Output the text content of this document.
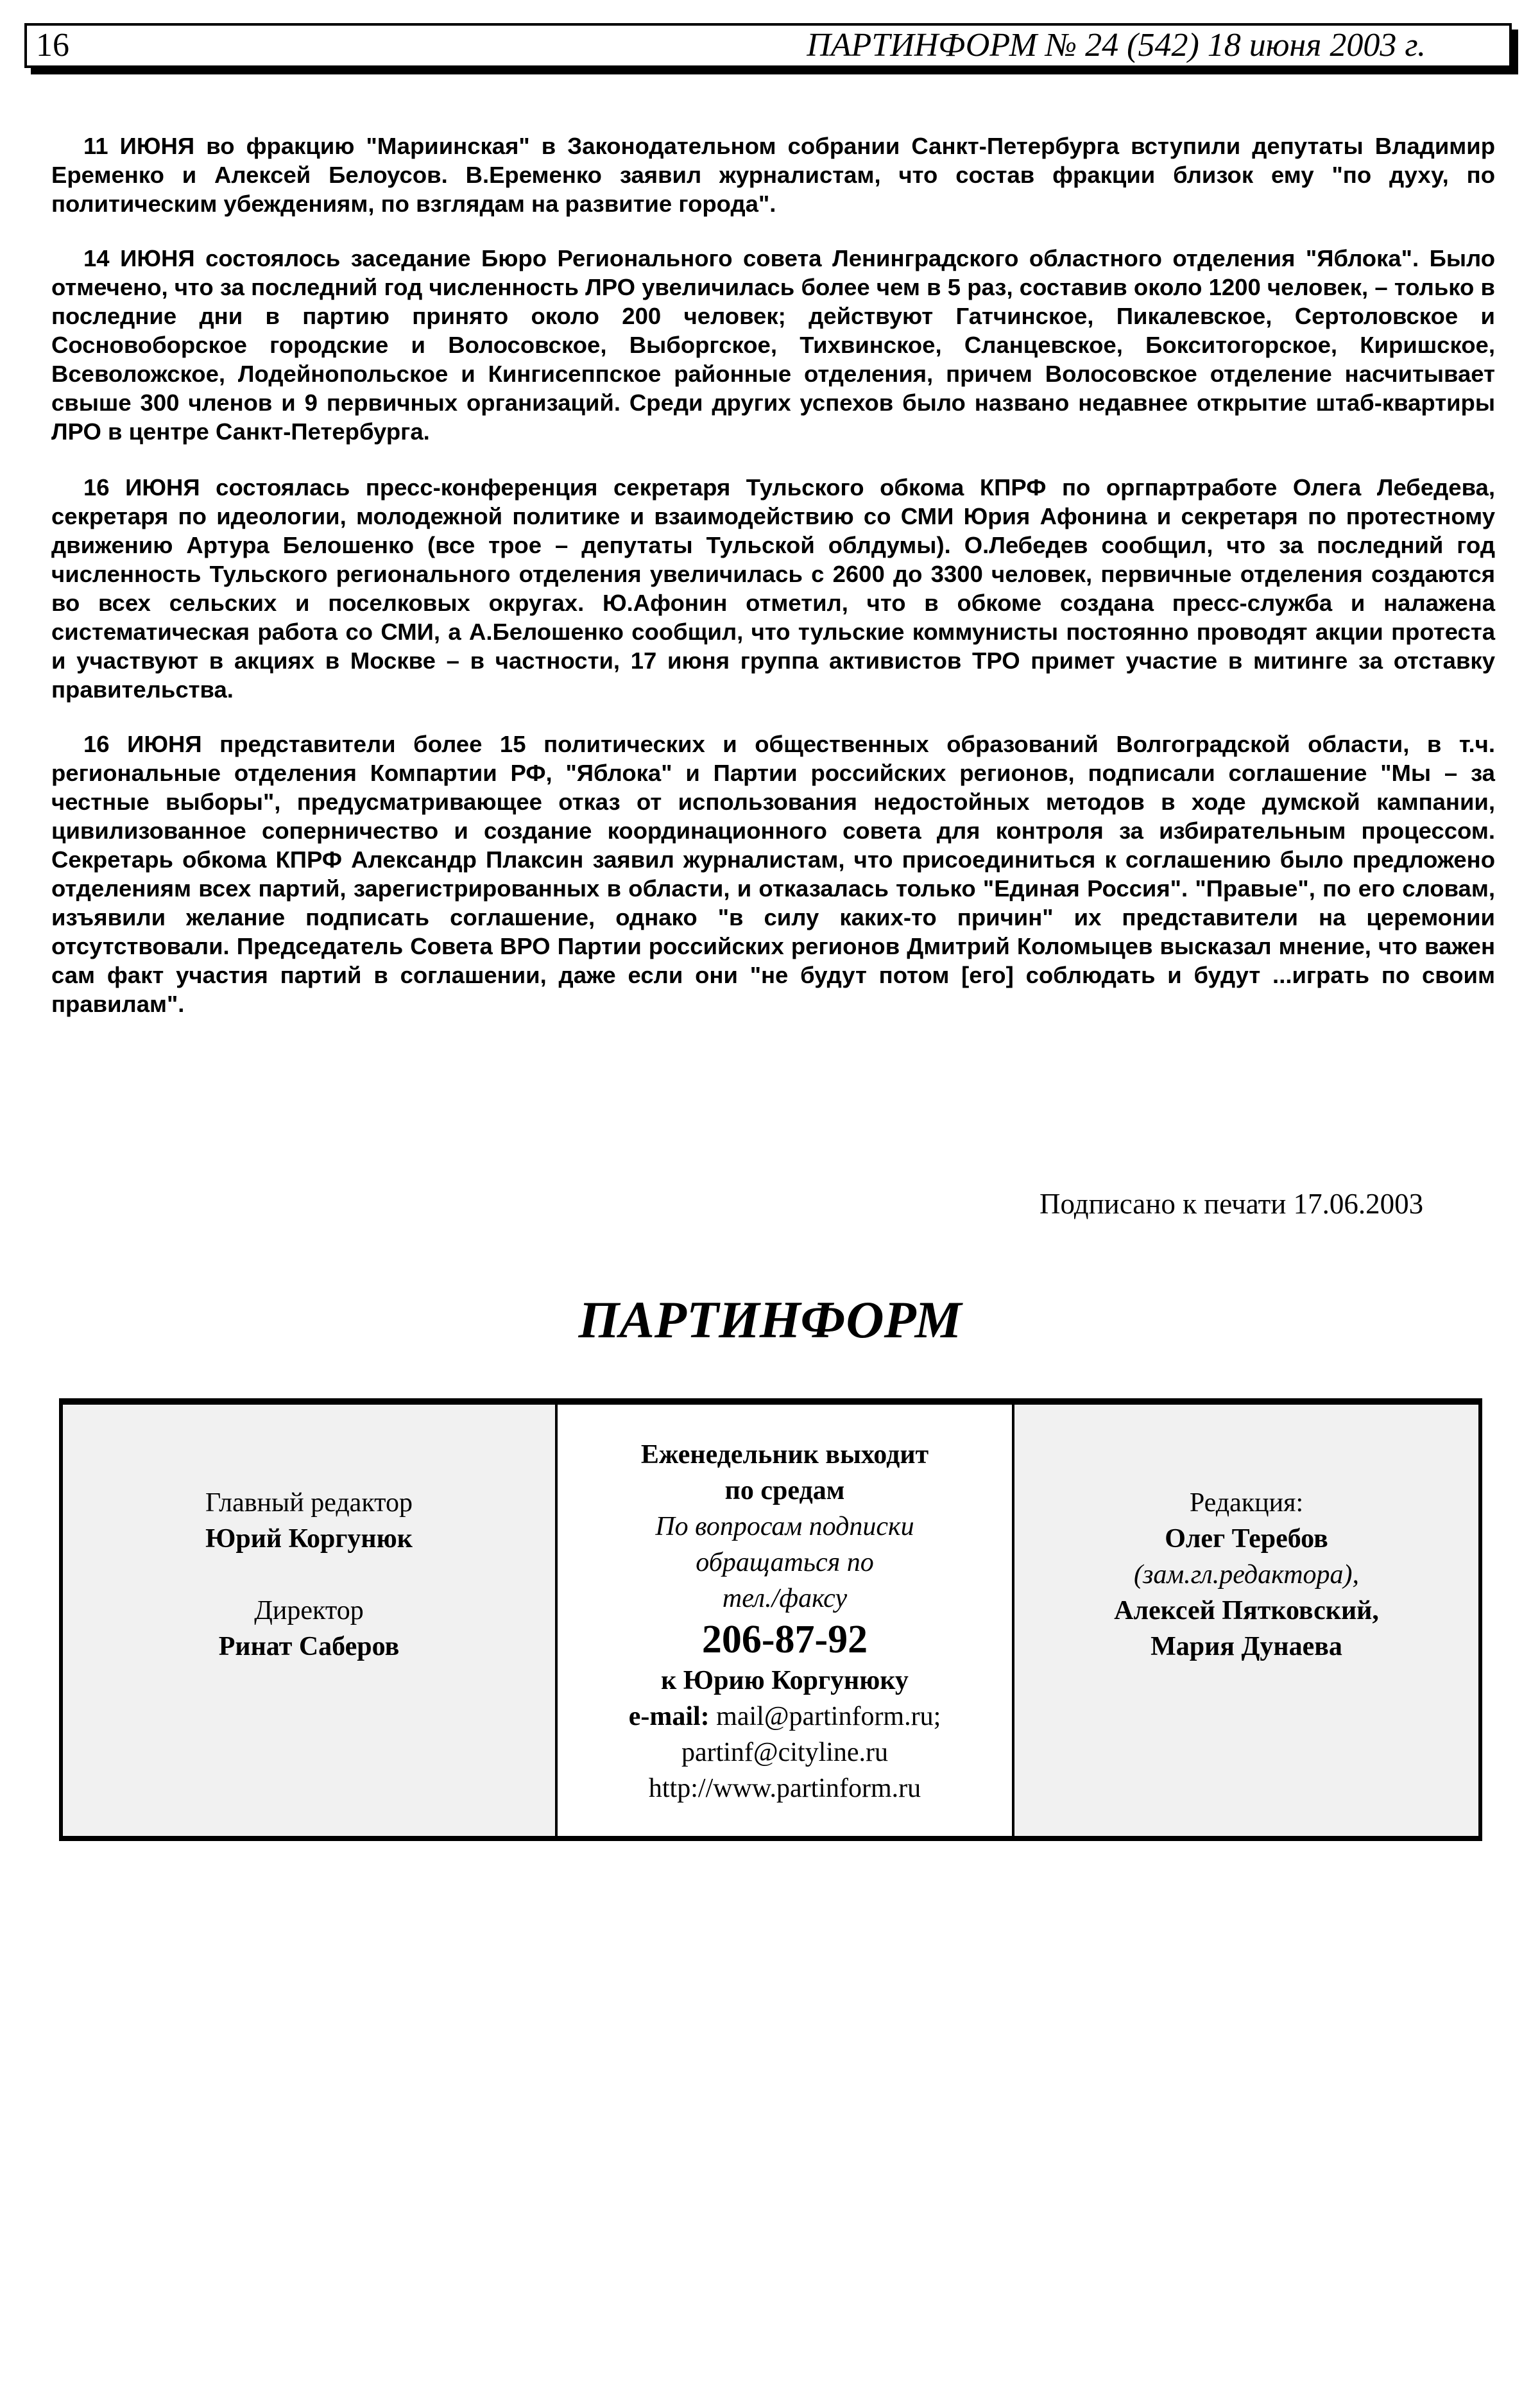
16	ПАРТИНФОРМ № 24 (542) 18 июня 2003 г.

11 ИЮНЯ во фракцию "Мариинская" в Законодательном собрании Санкт-Петербурга вступили депутаты Владимир Еременко и Алексей Белоусов. В.Еременко заявил журналистам, что состав фракции близок ему "по духу, по политическим убеждениям, по взглядам на развитие города".

14 ИЮНЯ состоялось заседание Бюро Регионального совета Ленинградского областного отделения "Яблока". Было отмечено, что за последний год численность ЛРО увеличилась более чем в 5 раз, составив около 1200 человек, – только в последние дни в партию принято около 200 человек; действуют Гатчинское, Пикалевское, Сертоловское и Сосновоборское городские и Волосовское, Выборгское, Тихвинское, Сланцевское, Бокситогорское, Киришское, Всеволожское, Лодейнопольское и Кингисеппское районные отделения, причем Волосовское отделение насчитывает свыше 300 членов и 9 первичных организаций. Среди других успехов было названо недавнее открытие штаб-квартиры ЛРО в центре Санкт-Петербурга.

16 ИЮНЯ состоялась пресс-конференция секретаря Тульского обкома КПРФ по оргпартработе Олега Лебедева, секретаря по идеологии, молодежной политике и взаимодействию со СМИ Юрия Афонина и секретаря по протестному движению Артура Белошенко (все трое – депутаты Тульской облдумы). О.Лебедев сообщил, что за последний год численность Тульского регионального отделения увеличилась с 2600 до 3300 человек, первичные отделения создаются во всех сельских и поселковых округах. Ю.Афонин отметил, что в обкоме создана пресс-служба и налажена систематическая работа со СМИ, а А.Белошенко сообщил, что тульские коммунисты постоянно проводят акции протеста и участвуют в акциях в Москве – в частности, 17 июня группа активистов ТРО примет участие в митинге за отставку правительства.

16 ИЮНЯ представители более 15 политических и общественных образований Волгоградской области, в т.ч. региональные отделения Компартии РФ, "Яблока" и Партии российских регионов, подписали соглашение "Мы – за честные выборы", предусматривающее отказ от использования недостойных методов в ходе думской кампании, цивилизованное соперничество и создание координационного совета для контроля за избирательным процессом. Секретарь обкома КПРФ Александр Плаксин заявил журналистам, что присоединиться к соглашению было предложено отделениям всех партий, зарегистрированных в области, и отказалась только "Единая Россия". "Правые", по его словам, изъявили желание подписать соглашение, однако "в силу каких-то причин" их представители на церемонии отсутствовали. Председатель Совета ВРО Партии российских регионов Дмитрий Коломыцев высказал мнение, что важен сам факт участия партий в соглашении, даже если они "не будут потом [его] соблюдать и будут ...играть по своим правилам".

Подписано к печати 17.06.2003
ПАРТИНФОРМ
Главный редактор
Юрий Коргунюк
Директор
Ринат Саберов
Еженедельник выходит
по средам
По вопросам подписки
обращаться по
тел./факсу
206-87-92
к Юрию Коргунюку
e-mail: mail@partinform.ru;
partinf@cityline.ru
http://www.partinform.ru
Редакция:
Олег Теребов
(зам.гл.редактора),
Алексей Пятковский,
Мария Дунаева
